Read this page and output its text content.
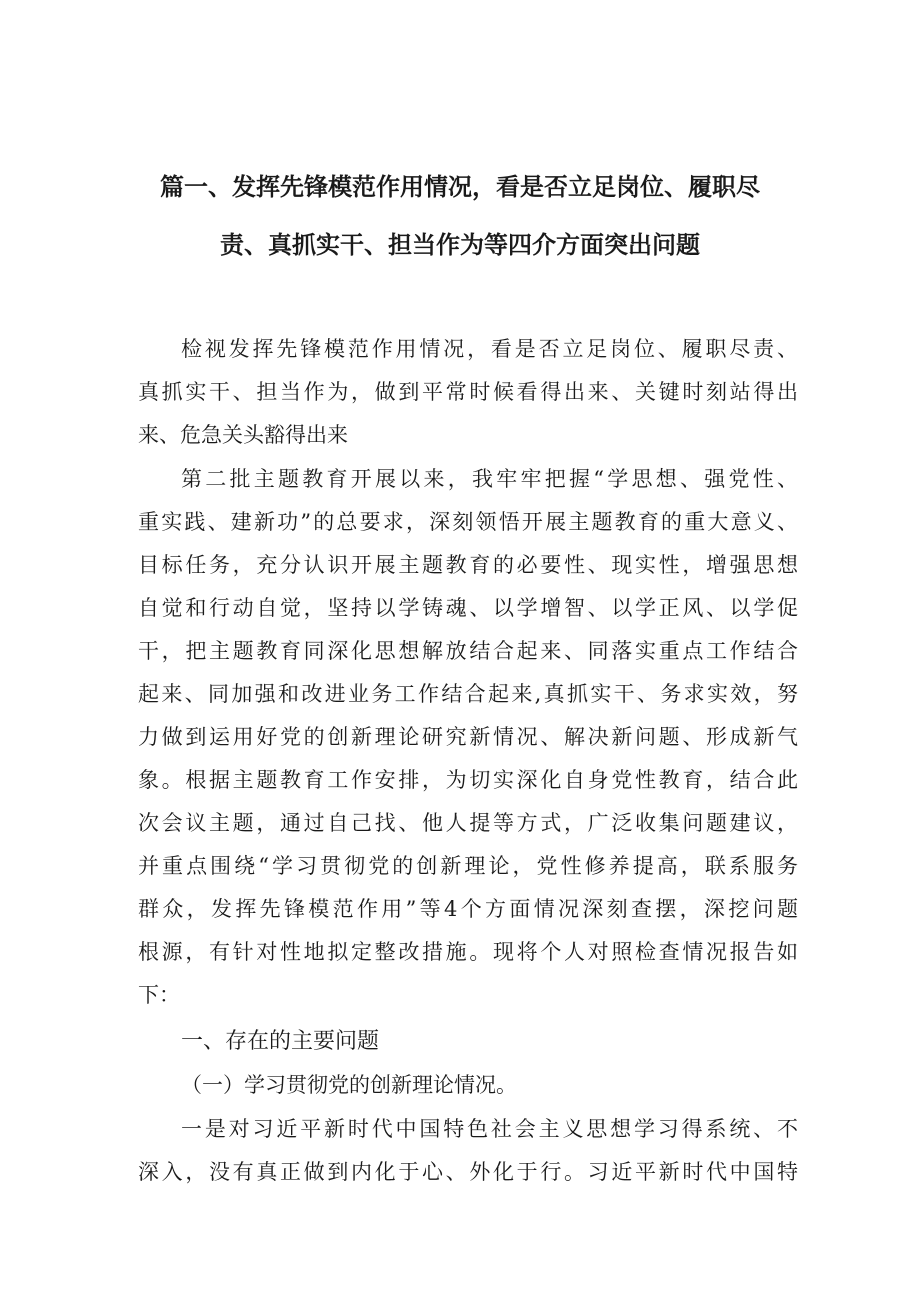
篇一、发挥先锋模范作用情况，看是否立足岗位、履职尽
责、真抓实干、担当作为等四介方面突出问题
检视发挥先锋模范作用情况，看是否立足岗位、履职尽责、
真抓实干、担当作为，做到平常时候看得出来、关键时刻站得出
来、危急关头豁得出来
第二批主题教育开展以来，我牢牢把握“学思想、强党性、
重实践、建新功”的总要求，深刻领悟开展主题教育的重大意义、
目标任务，充分认识开展主题教育的必要性、现实性，增强思想
自觉和行动自觉，坚持以学铸魂、以学增智、以学正风、以学促
干，把主题教育同深化思想解放结合起来、同落实重点工作结合
起来、同加强和改进业务工作结合起来,真抓实干、务求实效，努
力做到运用好党的创新理论研究新情况、解决新问题、形成新气
象。根据主题教育工作安排，为切实深化自身党性教育，结合此
次会议主题，通过自己找、他人提等方式，广泛收集问题建议，
并重点围绕“学习贯彻党的创新理论，党性修养提高，联系服务
群众，发挥先锋模范作用”等4个方面情况深刻查摆，深挖问题
根源，有针对性地拟定整改措施。现将个人对照检查情况报告如
下：
一、存在的主要问题
（一）学习贯彻党的创新理论情况。
一是对习近平新时代中国特色社会主义思想学习得系统、不
深入，没有真正做到内化于心、外化于行。习近平新时代中国特
